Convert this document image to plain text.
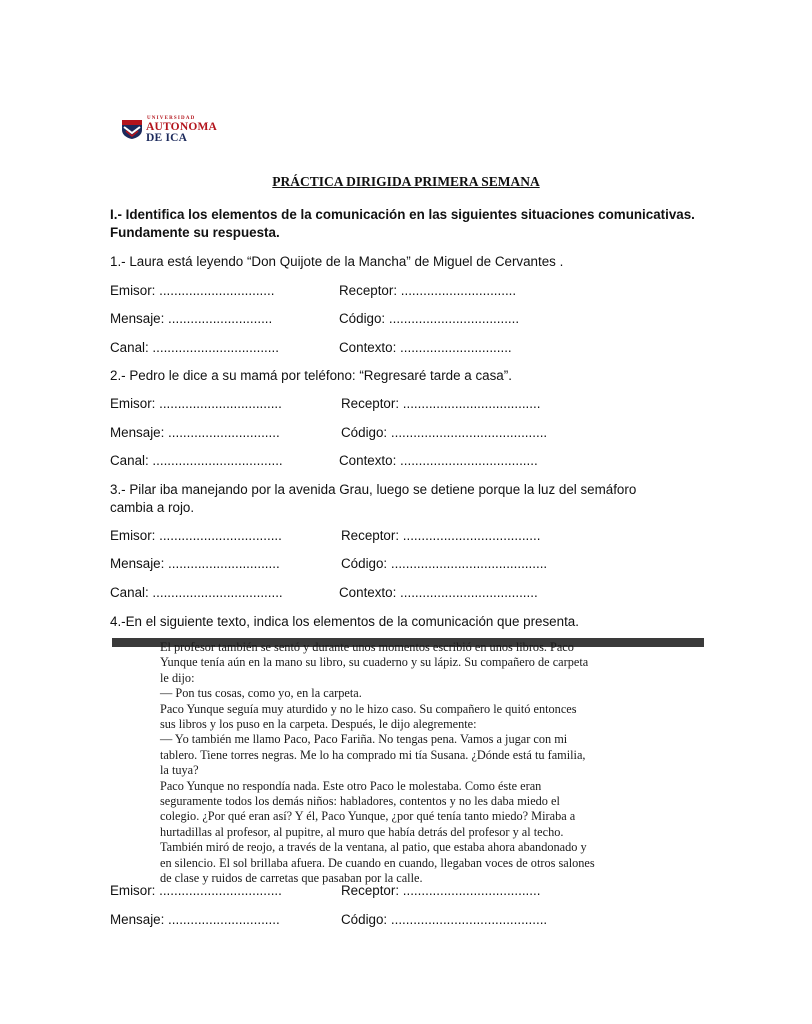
UNIVERSIDAD
AUTONOMA
DE ICA
PRÁCTICA DIRIGIDA PRIMERA SEMANA
I.- Identifica los elementos de la comunicación en las siguientes situaciones comunicativas.
Fundamente su respuesta.
1.- Laura está leyendo “Don Quijote de la Mancha” de Miguel de Cervantes .
Emisor: ...............................	Receptor: ...............................
Mensaje: ............................	Código: ...................................
Canal: ..................................	Contexto: ..............................
2.- Pedro le dice a su mamá por teléfono: “Regresaré tarde a casa”.
Emisor: .................................	Receptor: .....................................
Mensaje: ..............................	Código: ..........................................
Canal: ...................................	Contexto: .....................................
3.- Pilar iba manejando por la avenida Grau, luego se detiene porque la luz del semáforo
cambia a rojo.
Emisor: .................................	Receptor: .....................................
Mensaje: ..............................	Código: ..........................................
Canal: ...................................	Contexto: .....................................
4.-En el siguiente texto, indica los elementos de la comunicación que presenta.
El profesor también se sentó y durante unos momentos escribió en unos libros. Paco
Yunque tenía aún en la mano su libro, su cuaderno y su lápiz. Su compañero de carpeta
le dijo:
— Pon tus cosas, como yo, en la carpeta.
Paco Yunque seguía muy aturdido y no le hizo caso. Su compañero le quitó entonces
sus libros y los puso en la carpeta. Después, le dijo alegremente:
— Yo también me llamo Paco, Paco Fariña. No tengas pena. Vamos a jugar con mi
tablero. Tiene torres negras. Me lo ha comprado mi tía Susana. ¿Dónde está tu familia,
la tuya?
Paco Yunque no respondía nada. Este otro Paco le molestaba. Como éste eran
seguramente todos los demás niños: habladores, contentos y no les daba miedo el
colegio. ¿Por qué eran así? Y él, Paco Yunque, ¿por qué tenía tanto miedo? Miraba a
hurtadillas al profesor, al pupitre, al muro que había detrás del profesor y al techo.
También miró de reojo, a través de la ventana, al patio, que estaba ahora abandonado y
en silencio. El sol brillaba afuera. De cuando en cuando, llegaban voces de otros salones
de clase y ruidos de carretas que pasaban por la calle.
Emisor: .................................	Receptor: .....................................
Mensaje: ..............................	Código: ..........................................
